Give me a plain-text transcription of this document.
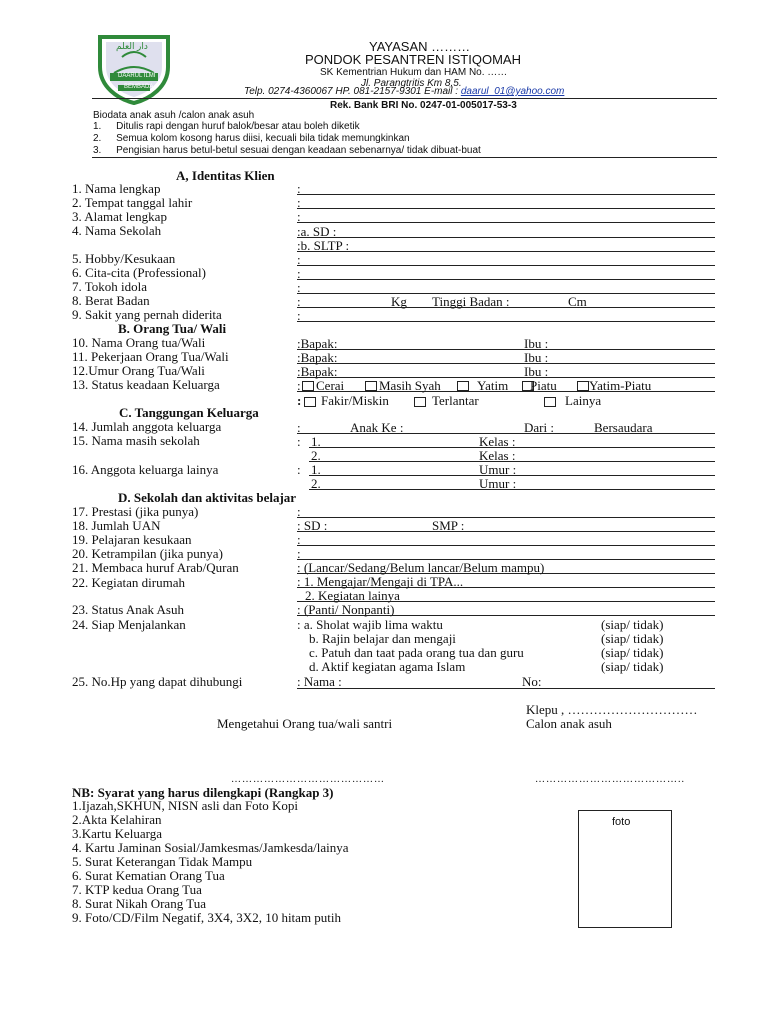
دار العلم
DAARUL ILMI
BEMBADA
YAYASAN ………
PONDOK PESANTREN ISTIQOMAH
SK Kementrian Hukum dan HAM No. ……
Jl. Parangtritis Km 8,5.
Telp. 0274-4360067 HP. 081-2157-9301 E-mail : daarul_01@yahoo.com
Rek. Bank BRI No. 0247-01-005017-53-3
Biodata anak asuh /calon anak asuh
1. Ditulis rapi dengan huruf balok/besar atau boleh diketik
2. Semua kolom kosong harus diisi, kecuali bila tidak memungkinkan
3. Pengisian harus betul-betul sesuai dengan keadaan sebenarnya/ tidak dibuat-buat
A, Identitas Klien
1. Nama lengkap	:
2. Tempat tanggal lahir	:
3. Alamat lengkap	:
4. Nama Sekolah	:a. SD :
:b. SLTP :
5. Hobby/Kesukaan	:
6. Cita-cita (Professional)	:
7. Tokoh idola	:
8. Berat Badan	:	Kg Tinggi Badan :	Cm
9. Sakit yang pernah diderita	:
B. Orang Tua/ Wali
10. Nama Orang tua/Wali	:Bapak:	Ibu :
11. Pekerjaan Orang Tua/Wali	:Bapak:	Ibu :
12.Umur Orang Tua/Wali	:Bapak:	Ibu :
13. Status keadaan Keluarga	: Cerai	Masih Syah	Yatim Piatu Yatim-Piatu
: Fakir/Miskin	Terlantar	Lainya
C. Tanggungan Keluarga
14. Jumlah anggota keluarga	:	Anak Ke :	Dari :	Bersaudara
15. Nama masih sekolah	: 1.	Kelas :
2.	Kelas :
16. Anggota keluarga lainya	: 1.	Umur :
2.	Umur :
D. Sekolah dan aktivitas belajar
17. Prestasi (jika punya)	:
18. Jumlah UAN	: SD :	SMP :
19. Pelajaran kesukaan	:
20. Ketrampilan (jika punya)	:
21. Membaca huruf Arab/Quran	: (Lancar/Sedang/Belum lancar/Belum mampu)
22. Kegiatan dirumah	: 1. Mengajar/Mengaji di TPA...
2. Kegiatan lainya
23. Status Anak Asuh	: (Panti/ Nonpanti)
24. Siap Menjalankan	: a. Sholat wajib lima waktu	(siap/ tidak)
b. Rajin belajar dan mengaji	(siap/ tidak)
c. Patuh dan taat pada orang tua dan guru	(siap/ tidak)
d. Aktif kegiatan agama Islam	(siap/ tidak)
25. No.Hp yang dapat dihubungi	: Nama :	No:
Klepu , …………………………
Mengetahui Orang tua/wali santri	Calon anak asuh
……………………………………	…………………………………..
NB: Syarat yang harus dilengkapi (Rangkap 3)
1.Ijazah,SKHUN, NISN asli dan Foto Kopi
2.Akta Kelahiran
3.Kartu Keluarga
4. Kartu Jaminan Sosial/Jamkesmas/Jamkesda/lainya
5. Surat Keterangan Tidak Mampu
6. Surat Kematian Orang Tua
7. KTP kedua Orang Tua
8. Surat Nikah Orang Tua
9. Foto/CD/Film Negatif, 3X4, 3X2, 10 hitam putih
foto
